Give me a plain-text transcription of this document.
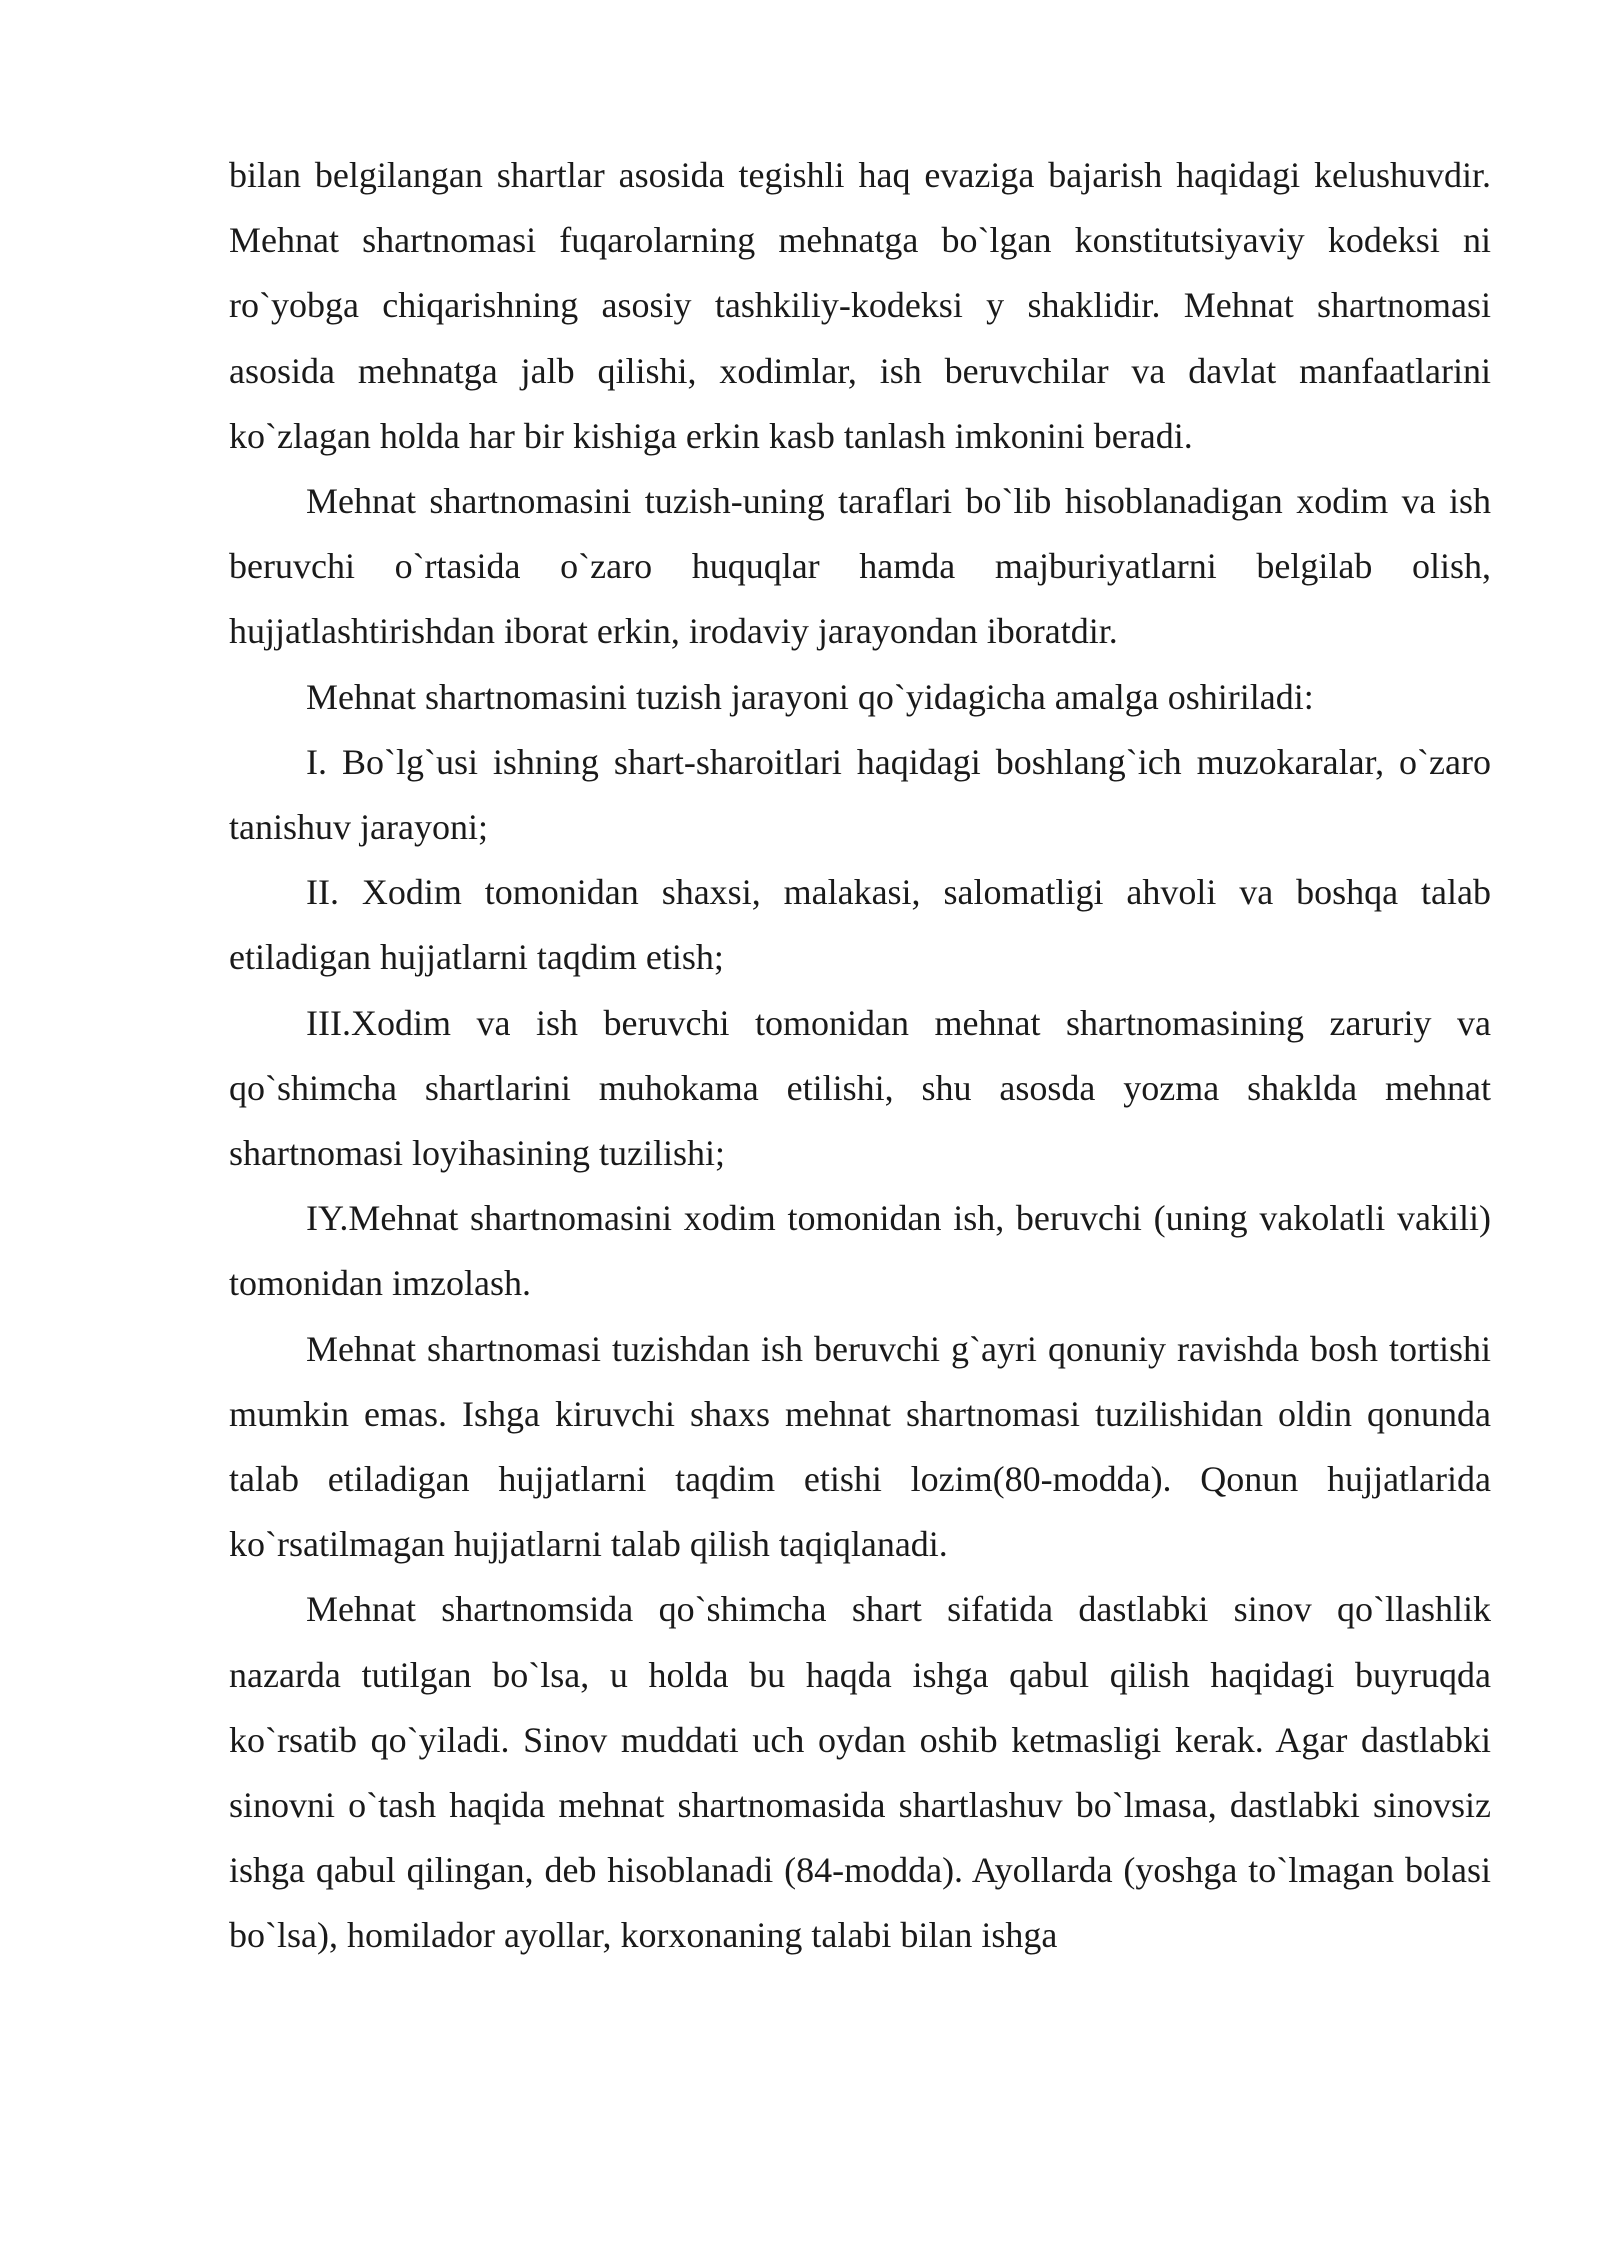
bilan belgilangan shartlar asosida tegishli haq evaziga bajarish haqidagi kelushuvdir. Mehnat shartnomasi fuqarolarning mehnatga bo`lgan konstitutsiyaviy kodeksi ni ro`yobga chiqarishning asosiy tashkiliy-kodeksi y shaklidir. Mehnat shartnomasi asosida mehnatga jalb qilishi, xodimlar, ish beruvchilar va davlat manfaatlarini ko`zlagan holda har bir kishiga erkin kasb tanlash imkonini beradi.

Mehnat shartnomasini tuzish-uning taraflari bo`lib hisoblanadigan xodim va ish beruvchi o`rtasida o`zaro huquqlar hamda majburiyatlarni belgilab olish, hujjatlashtirishdan iborat erkin, irodaviy jarayondan iboratdir.

Mehnat shartnomasini tuzish jarayoni qo`yidagicha amalga oshiriladi:

I. Bo`lg`usi ishning shart-sharoitlari haqidagi boshlang`ich muzokaralar, o`zaro tanishuv jarayoni;

II. Xodim tomonidan shaxsi, malakasi, salomatligi ahvoli va boshqa talab etiladigan hujjatlarni taqdim etish;

III.Xodim va ish beruvchi tomonidan mehnat shartnomasining zaruriy va qo`shimcha shartlarini muhokama etilishi, shu asosda yozma shaklda mehnat shartnomasi loyihasining tuzilishi;

IY.Mehnat shartnomasini xodim tomonidan ish, beruvchi (uning vakolatli vakili) tomonidan imzolash.

Mehnat shartnomasi tuzishdan ish beruvchi g`ayri qonuniy ravishda bosh tortishi mumkin emas. Ishga kiruvchi shaxs mehnat shartnomasi tuzilishidan oldin qonunda talab etiladigan hujjatlarni taqdim etishi lozim(80-modda). Qonun hujjatlarida ko`rsatilmagan hujjatlarni talab qilish taqiqlanadi.

Mehnat shartnomsida qo`shimcha shart sifatida dastlabki sinov qo`llashlik nazarda tutilgan bo`lsa, u holda bu haqda ishga qabul qilish haqidagi buyruqda ko`rsatib qo`yiladi. Sinov muddati uch oydan oshib ketmasligi kerak. Agar dastlabki sinovni o`tash haqida mehnat shartnomasida shartlashuv bo`lmasa, dastlabki sinovsiz ishga qabul qilingan, deb hisoblanadi (84-modda). Ayollarda (yoshga to`lmagan bolasi bo`lsa), homilador ayollar, korxonaning talabi bilan ishga
